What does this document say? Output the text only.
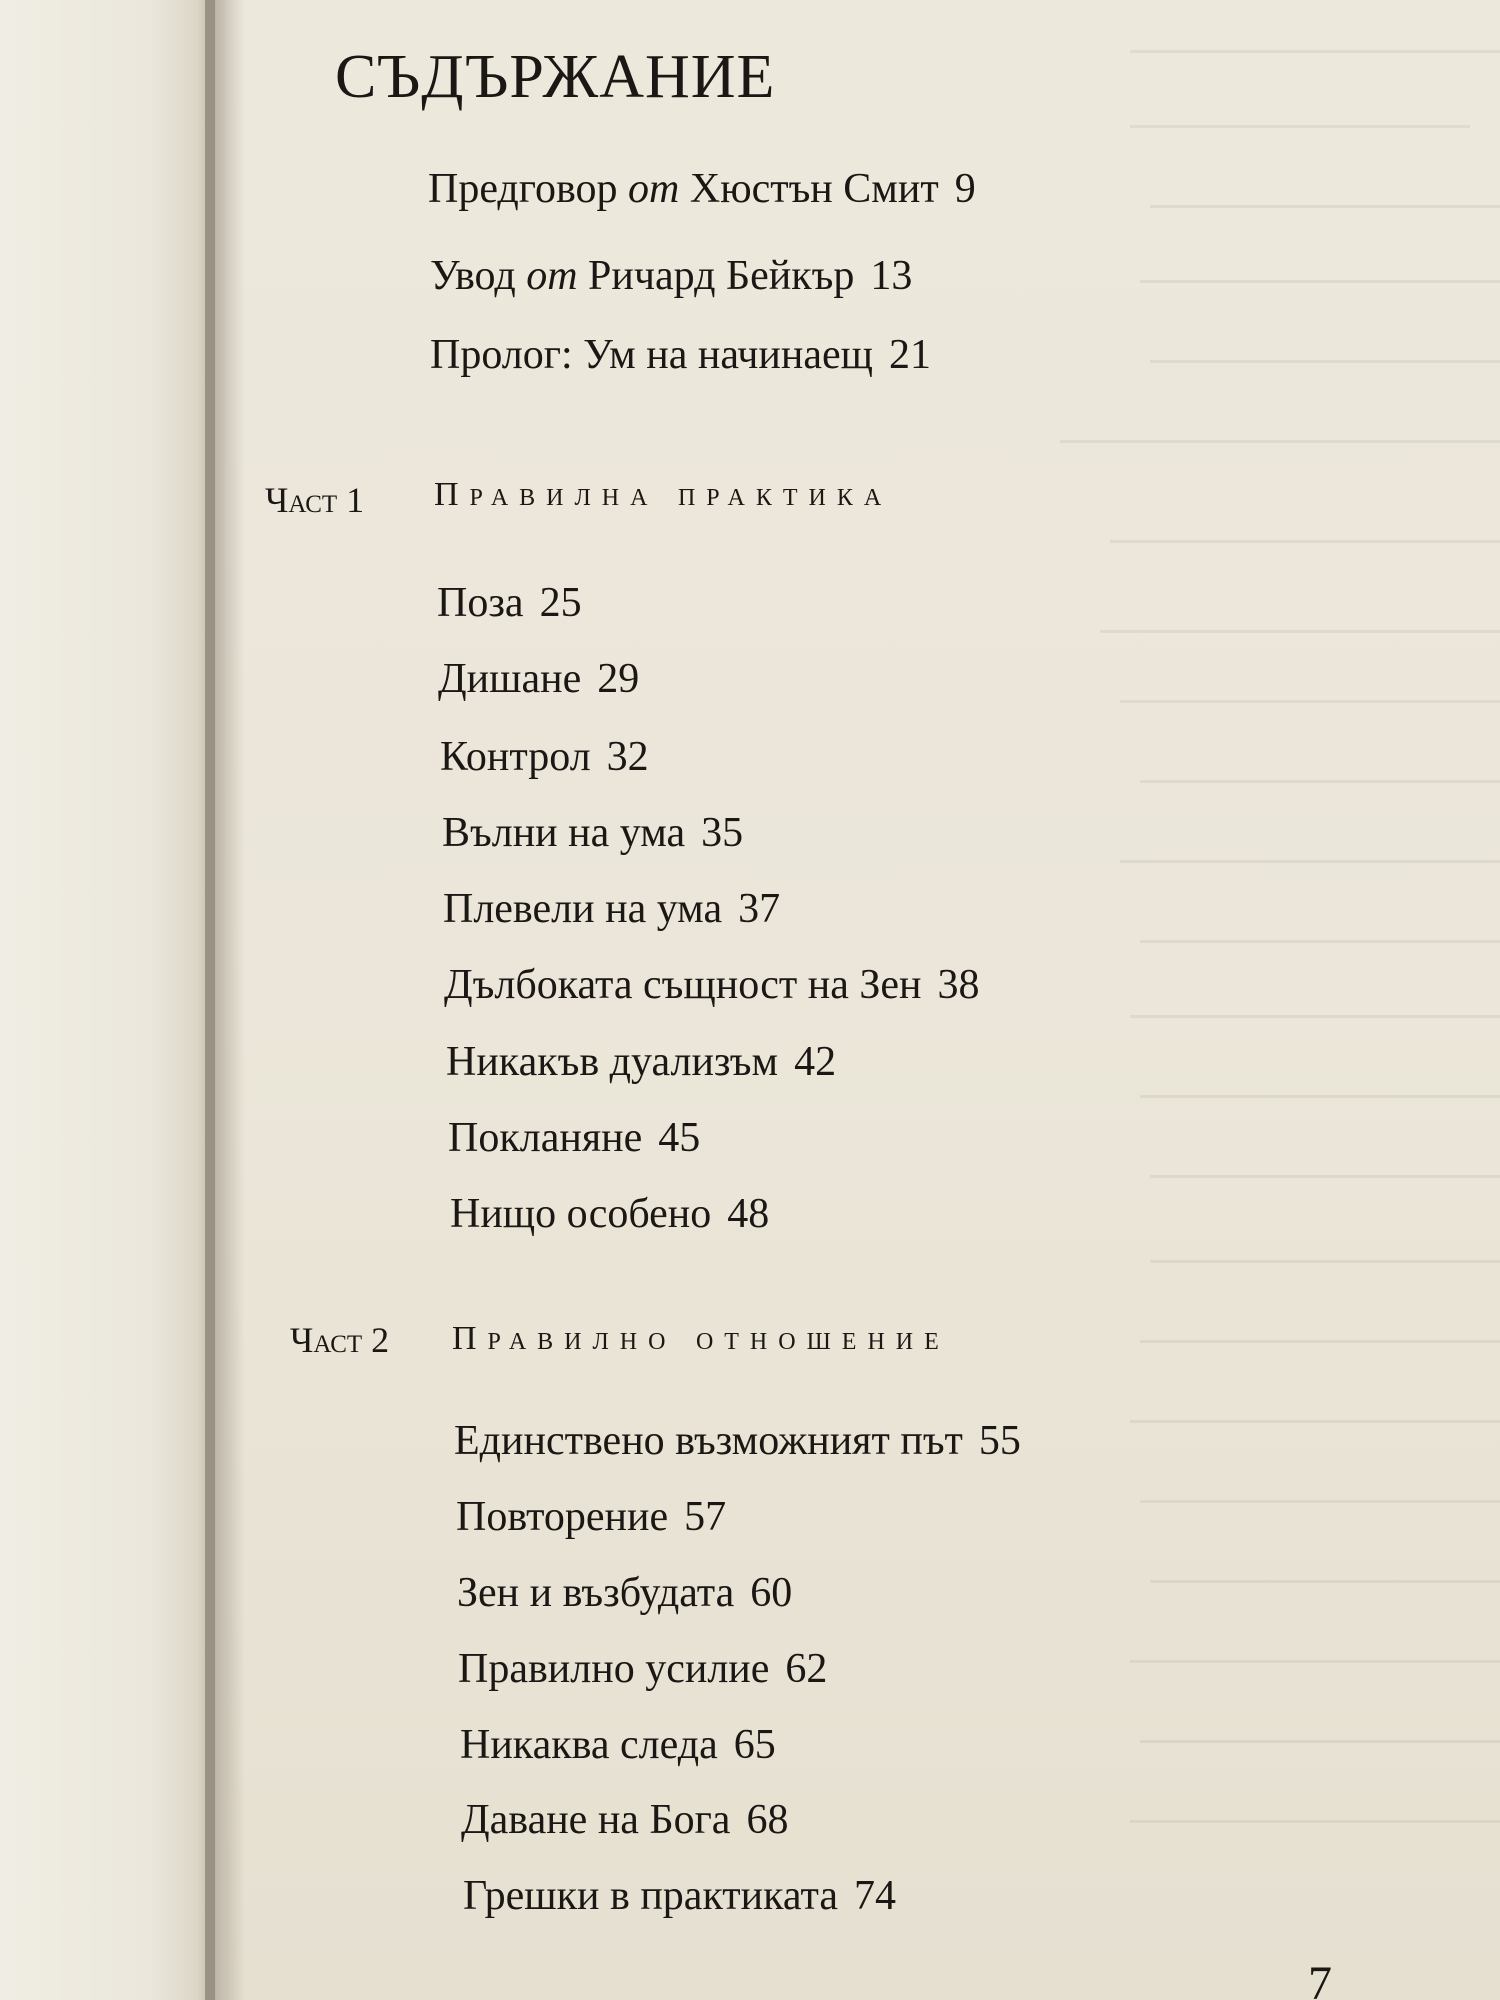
СЪДЪРЖАНИЕ
Предговор от Хюстън Смит 9
Увод от Ричард Бейкър 13
Пролог: Ум на начинаещ 21
Част 1 Правилна практика
Поза 25
Дишане 29
Контрол 32
Вълни на ума 35
Плевели на ума 37
Дълбоката същност на Зен 38
Никакъв дуализъм 42
Покланяне 45
Нищо особено 48
Част 2 Правилно отношение
Единствено възможният път 55
Повторение 57
Зен и възбудата 60
Правилно усилие 62
Никаква следа 65
Даване на Бога 68
Грешки в практиката 74
7
